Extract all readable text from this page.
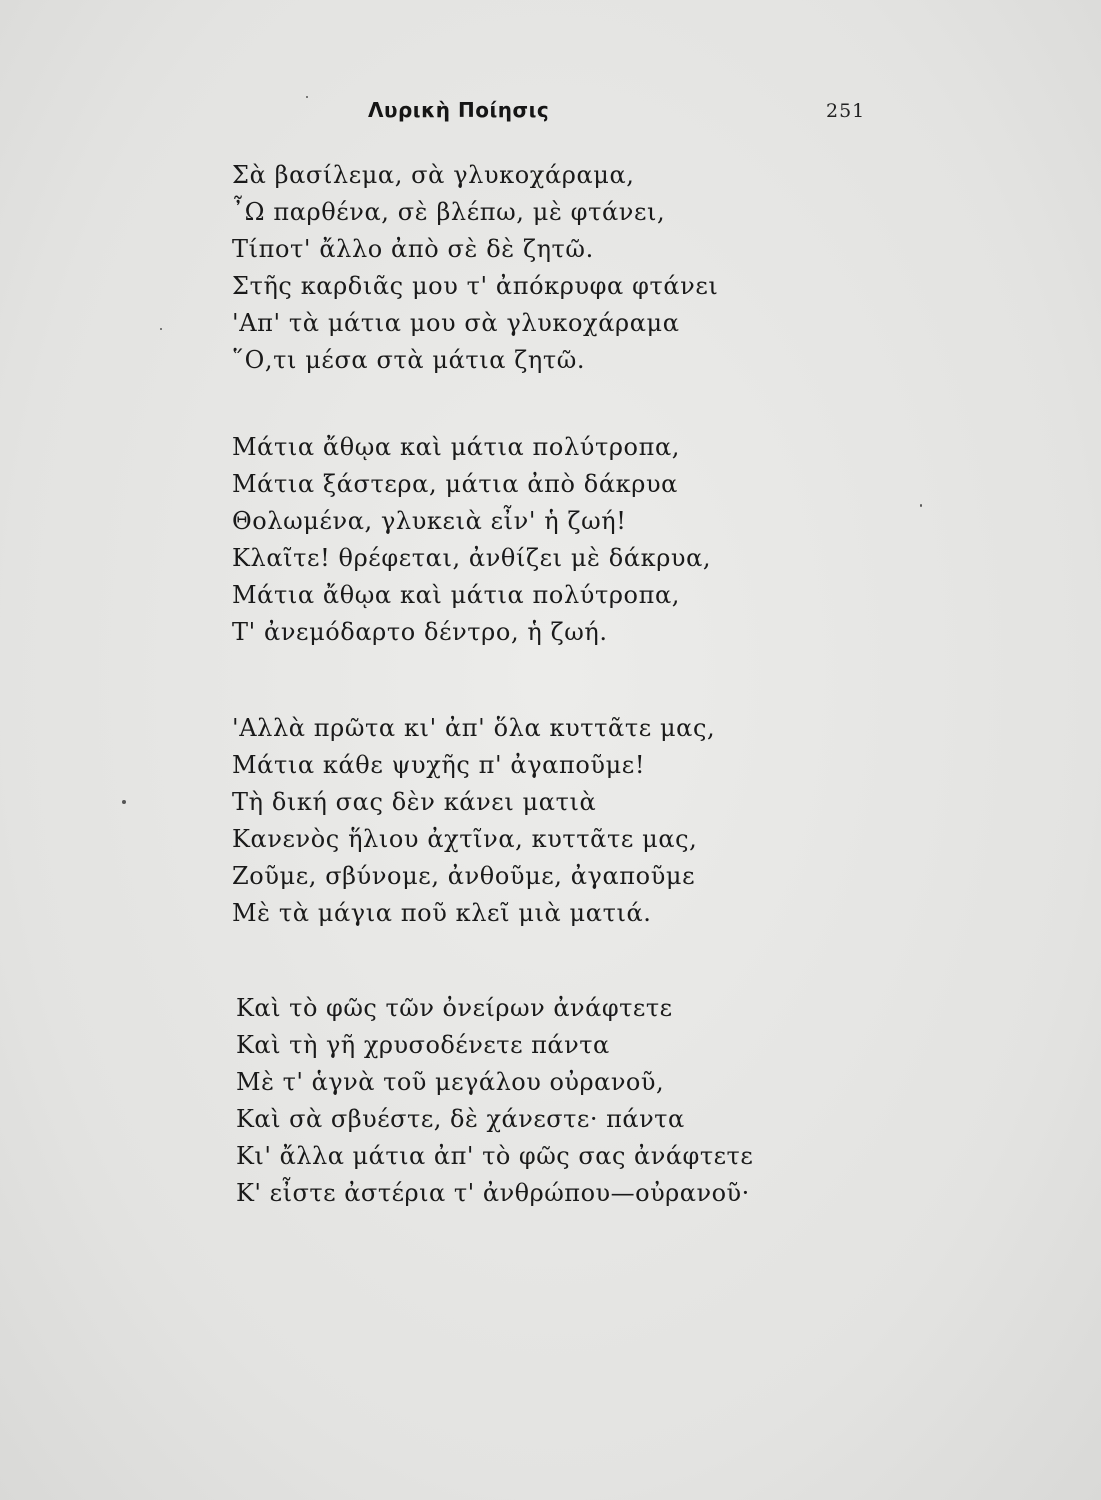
Λυρικὴ Ποίησις	251
Σὰ βασίλεμα, σὰ γλυκοχάραμα,
῏Ω παρθένα, σὲ βλέπω, μὲ φτάνει,
Τίποτ' ἄλλο ἀπὸ σὲ δὲ ζητῶ.
Στῆς καρδιᾶς μου τ' ἀπόκρυφα φτάνει
'Απ' τὰ μάτια μου σὰ γλυκοχάραμα
῞Ο,τι μέσα στὰ μάτια ζητῶ.
Μάτια ἄθῳα καὶ μάτια πολύτροπα,
Μάτια ξάστερα, μάτια ἀπὸ δάκρυα
Θολωμένα, γλυκειὰ εἶν' ἡ ζωή!
Κλαῖτε! θρέφεται, ἀνθίζει μὲ δάκρυα,
Μάτια ἄθῳα καὶ μάτια πολύτροπα,
Τ' ἀνεμόδαρτο δέντρο, ἡ ζωή.
'Αλλὰ πρῶτα κι' ἀπ' ὅλα κυττᾶτε μας,
Μάτια κάθε ψυχῆς π' ἀγαποῦμε!
Τὴ δική σας δὲν κάνει ματιὰ
Κανενὸς ἥλιου ἀχτῖνα, κυττᾶτε μας,
Ζοῦμε, σβύνομε, ἀνθοῦμε, ἀγαποῦμε
Μὲ τὰ μάγια ποῦ κλεῖ μιὰ ματιά.
Καὶ τὸ φῶς τῶν ὀνείρων ἀνάφτετε
Καὶ τὴ γῆ χρυσοδένετε πάντα
Μὲ τ' ἁγνὰ τοῦ μεγάλου οὐρανοῦ,
Καὶ σὰ σβυέστε, δὲ χάνεστε· πάντα
Κι' ἄλλα μάτια ἀπ' τὸ φῶς σας ἀνάφτετε
Κ' εἶστε ἀστέρια τ' ἀνθρώπου—οὐρανοῦ·
